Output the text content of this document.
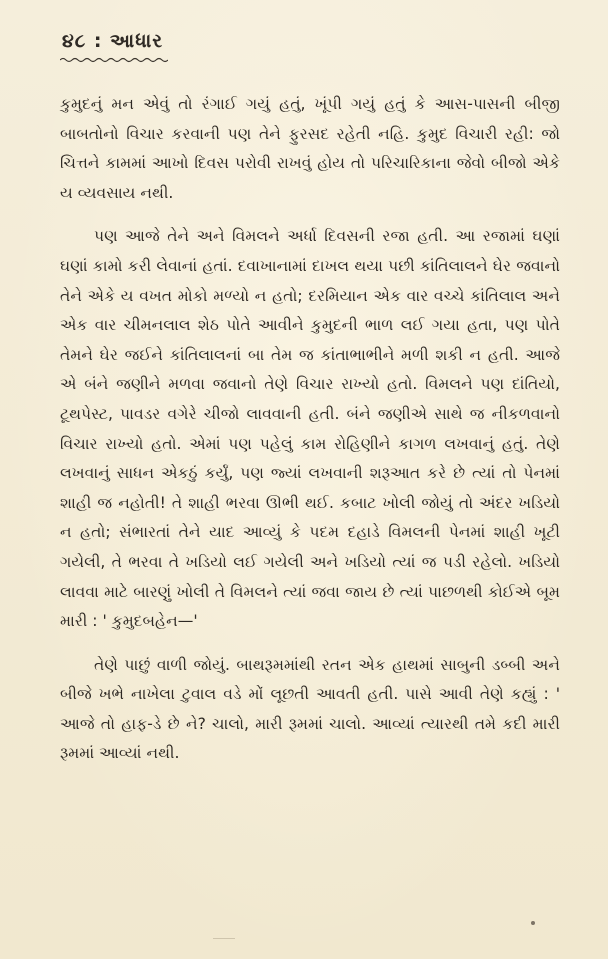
૪૮ : આધાર

કુમુદનું મન એવું તો રંગાઈ ગયું હતું, ખૂંપી ગયું હતું કે આસ-પાસની બીજી બાબતોનો વિચાર કરવાની પણ તેને ફુરસદ રહેતી નહિ. કુમુદ વિચારી રહી: જો ચિત્તને કામમાં આખો દિવસ પરોવી રાખવું હોય તો પરિચારિકાના જેવો બીજો એકે ય વ્યવસાય નથી.

પણ આજે તેને અને વિમલને અર્ધા દિવસની રજા હતી. આ રજામાં ઘણાં ઘણાં કામો કરી લેવાનાં હતાં. દવાખાનામાં દાખલ થયા પછી કાંતિલાલને ઘેર જવાનો તેને એકે ય વખત મોકો મળ્યો ન હતો; દરમિયાન એક વાર વચ્ચે કાંતિલાલ અને એક વાર ચીમનલાલ શેઠ પોતે આવીને કુમુદની ભાળ લઈ ગયા હતા, પણ પોતે તેમને ઘેર જઈને કાંતિલાલનાં બા તેમ જ કાંતાભાભીને મળી શકી ન હતી. આજે એ બંને જણીને મળવા જવાનો તેણે વિચાર રાખ્યો હતો. વિમલને પણ દાંતિયો, ટૂથપેસ્ટ, પાવડર વગેરે ચીજો લાવવાની હતી. બંને જણીએ સાથે જ નીકળવાનો વિચાર રાખ્યો હતો. એમાં પણ પહેલું કામ રોહિણીને કાગળ લખવાનું હતું. તેણે લખવાનું સાધન એકઠું કર્યું, પણ જ્યાં લખવાની શરૂઆત કરે છે ત્યાં તો પેનમાં શાહી જ નહોતી! તે શાહી ભરવા ઊભી થઈ. કબાટ ખોલી જોયું તો અંદર ખડિયો ન હતો; સંભારતાં તેને યાદ આવ્યું કે પદમ દહાડે વિમલની પેનમાં શાહી ખૂટી ગયેલી, તે ભરવા તે ખડિયો લઈ ગયેલી અને ખડિયો ત્યાં જ પડી રહેલો. ખડિયો લાવવા માટે બારણું ખોલી તે વિમલને ત્યાં જવા જાય છે ત્યાં પાછળથી કોઈએ બૂમ મારી : ' કુમુદબહેન—'

તેણે પાછું વાળી જોયું. બાથરૂમમાંથી રતન એક હાથમાં સાબુની ડબ્બી અને બીજે ખભે નાખેલા ટુવાલ વડે મોં લૂછતી આવતી હતી. પાસે આવી તેણે કહ્યું : ' આજે તો હાફ-ડે છે ને? ચાલો, મારી રૂમમાં ચાલો. આવ્યાં ત્યારથી તમે કદી મારી રૂમમાં આવ્યાં નથી.
